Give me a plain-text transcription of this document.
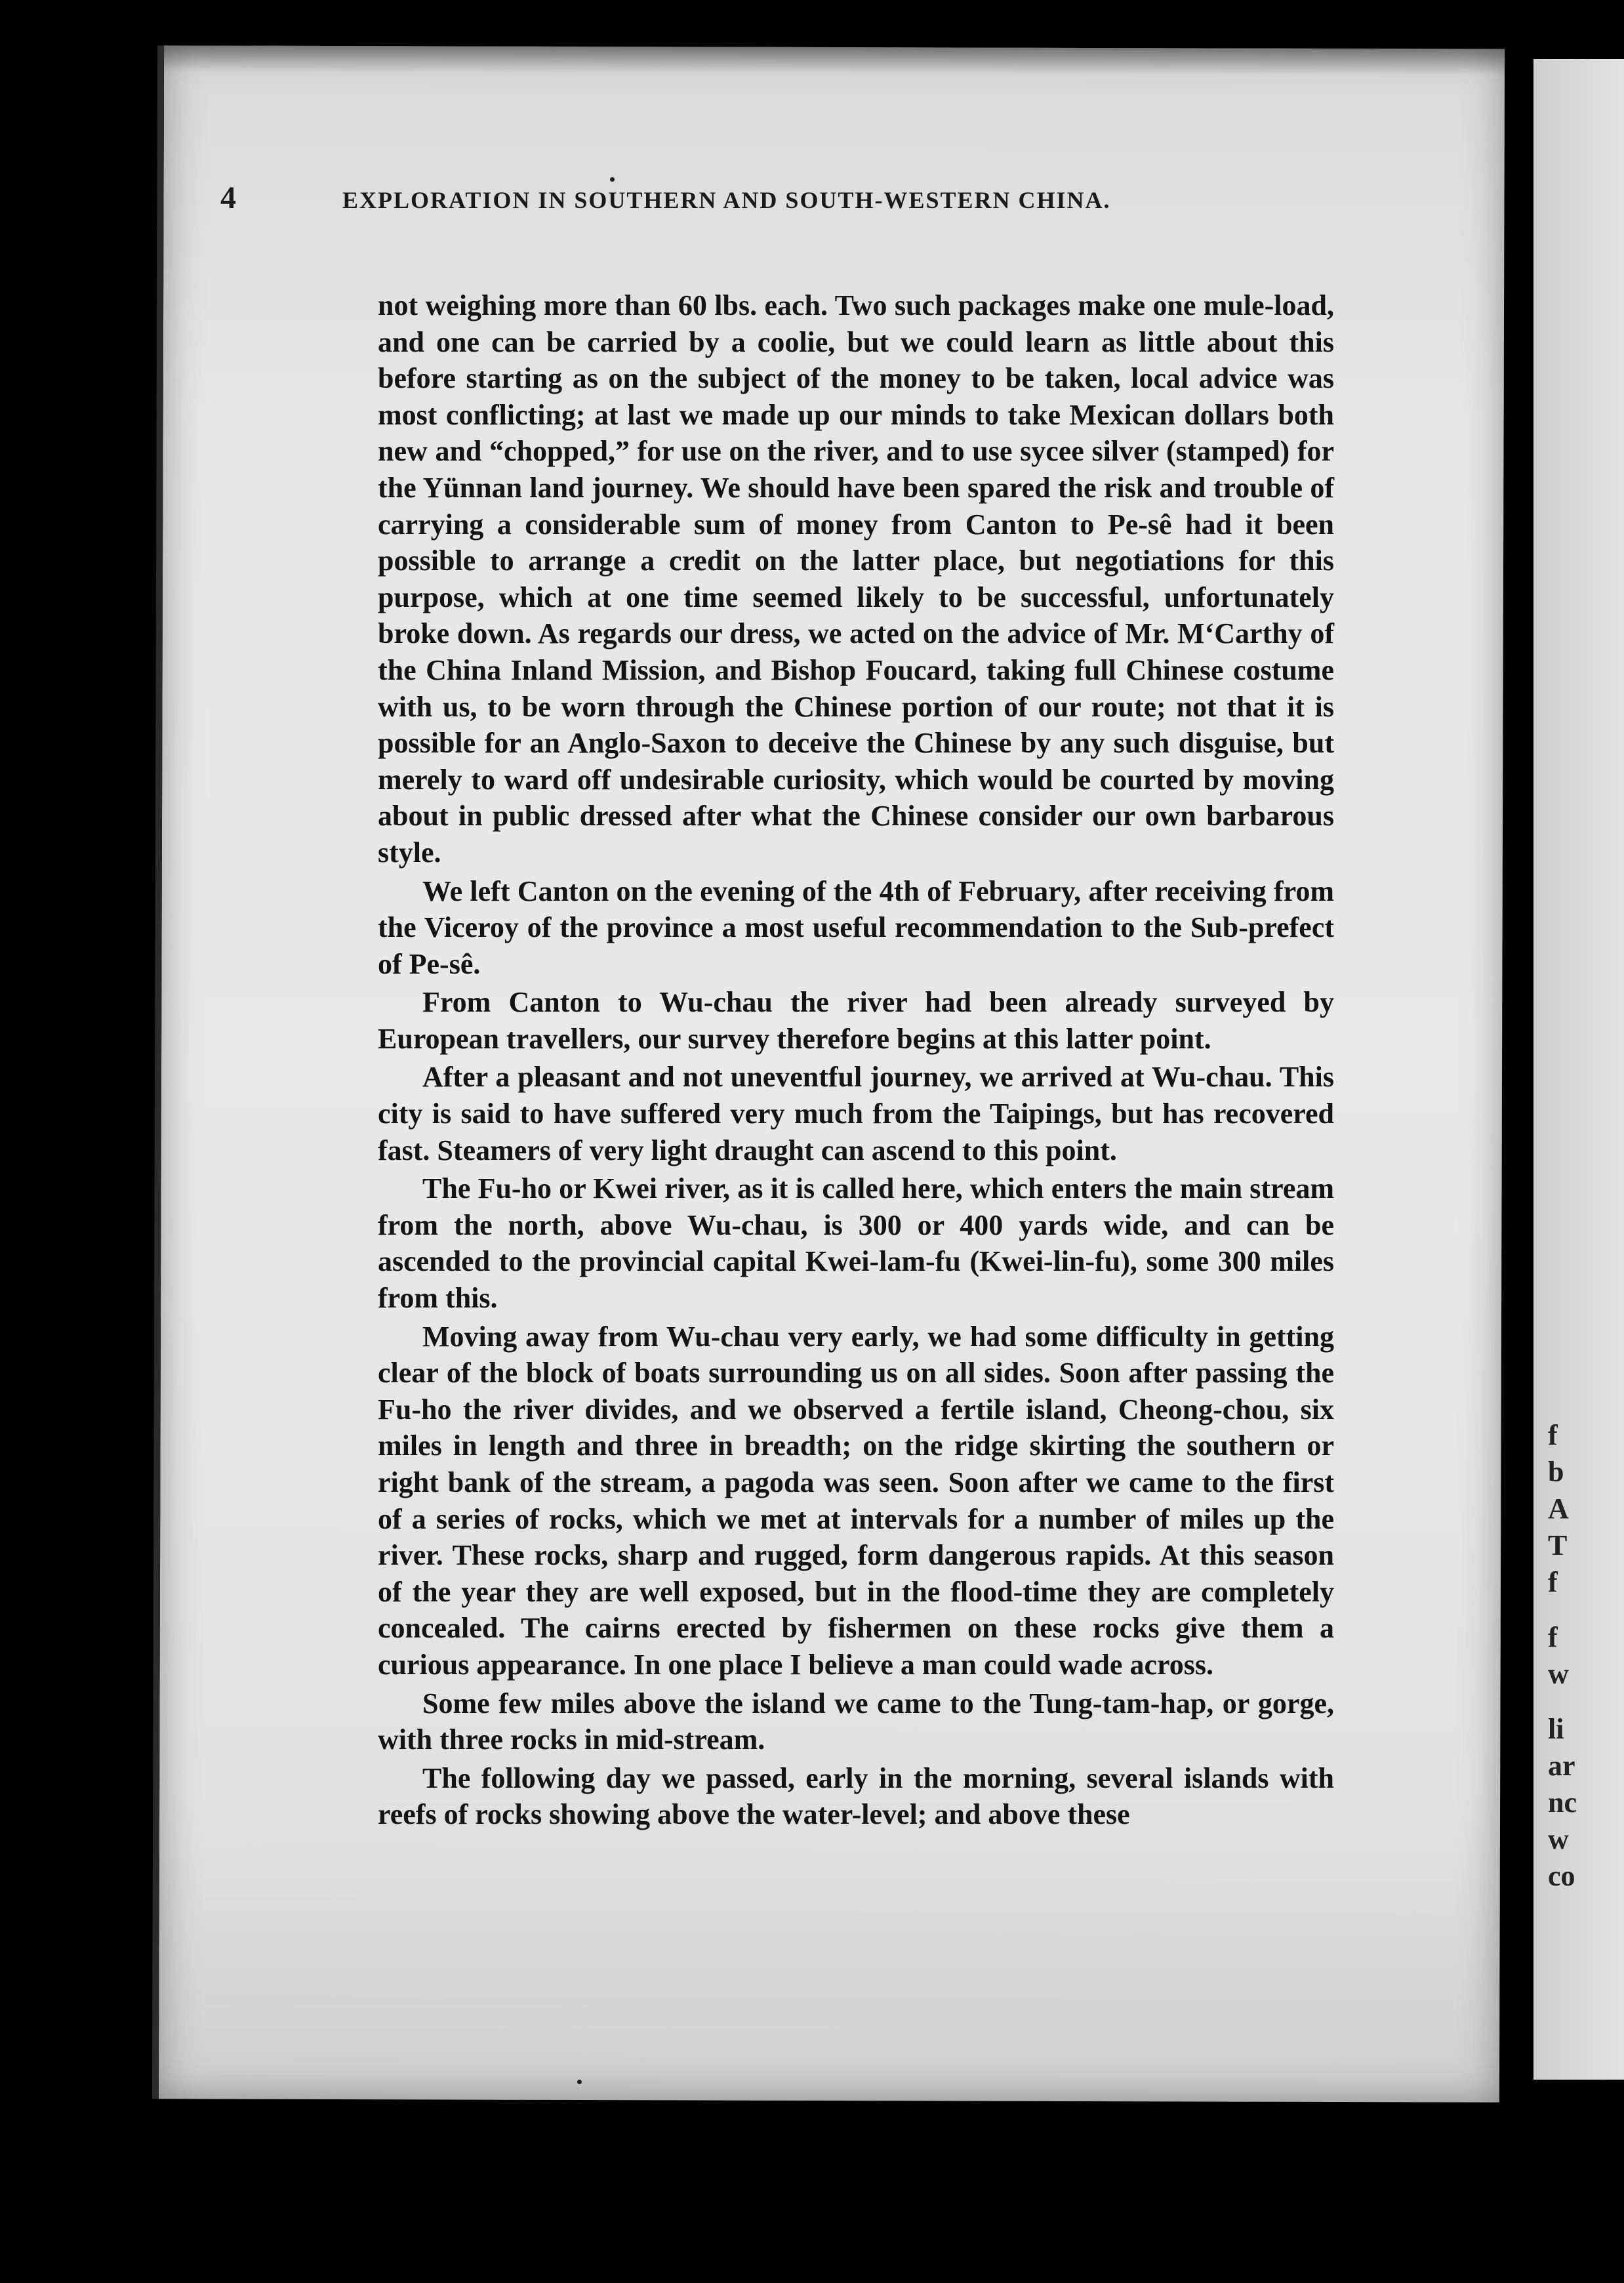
f
b
A
T
f
f
w
li
ar
nc
w
co
4	EXPLORATION IN SOUTHERN AND SOUTH-WESTERN CHINA.

not weighing more than 60 lbs. each. Two such packages make one mule-load, and one can be carried by a coolie, but we could learn as little about this before starting as on the subject of the money to be taken, local advice was most conflicting; at last we made up our minds to take Mexican dollars both new and “chopped,” for use on the river, and to use sycee silver (stamped) for the Yünnan land journey. We should have been spared the risk and trouble of carrying a considerable sum of money from Canton to Pe-sê had it been possible to arrange a credit on the latter place, but negotiations for this purpose, which at one time seemed likely to be successful, unfortunately broke down. As regards our dress, we acted on the advice of Mr. M‘Carthy of the China Inland Mission, and Bishop Foucard, taking full Chinese costume with us, to be worn through the Chinese portion of our route; not that it is possible for an Anglo-Saxon to deceive the Chinese by any such disguise, but merely to ward off undesirable curiosity, which would be courted by moving about in public dressed after what the Chinese consider our own barbarous style.

We left Canton on the evening of the 4th of February, after receiving from the Viceroy of the province a most useful recommendation to the Sub-prefect of Pe-sê.

From Canton to Wu-chau the river had been already surveyed by European travellers, our survey therefore begins at this latter point.

After a pleasant and not uneventful journey, we arrived at Wu-chau. This city is said to have suffered very much from the Taipings, but has recovered fast. Steamers of very light draught can ascend to this point.

The Fu-ho or Kwei river, as it is called here, which enters the main stream from the north, above Wu-chau, is 300 or 400 yards wide, and can be ascended to the provincial capital Kwei-lam-fu (Kwei-lin-fu), some 300 miles from this.

Moving away from Wu-chau very early, we had some difficulty in getting clear of the block of boats surrounding us on all sides. Soon after passing the Fu-ho the river divides, and we observed a fertile island, Cheong-chou, six miles in length and three in breadth; on the ridge skirting the southern or right bank of the stream, a pagoda was seen. Soon after we came to the first of a series of rocks, which we met at intervals for a number of miles up the river. These rocks, sharp and rugged, form dangerous rapids. At this season of the year they are well exposed, but in the flood-time they are completely concealed. The cairns erected by fishermen on these rocks give them a curious appearance. In one place I believe a man could wade across.

Some few miles above the island we came to the Tung-tam-hap, or gorge, with three rocks in mid-stream.

The following day we passed, early in the morning, several islands with reefs of rocks showing above the water-level; and above these
